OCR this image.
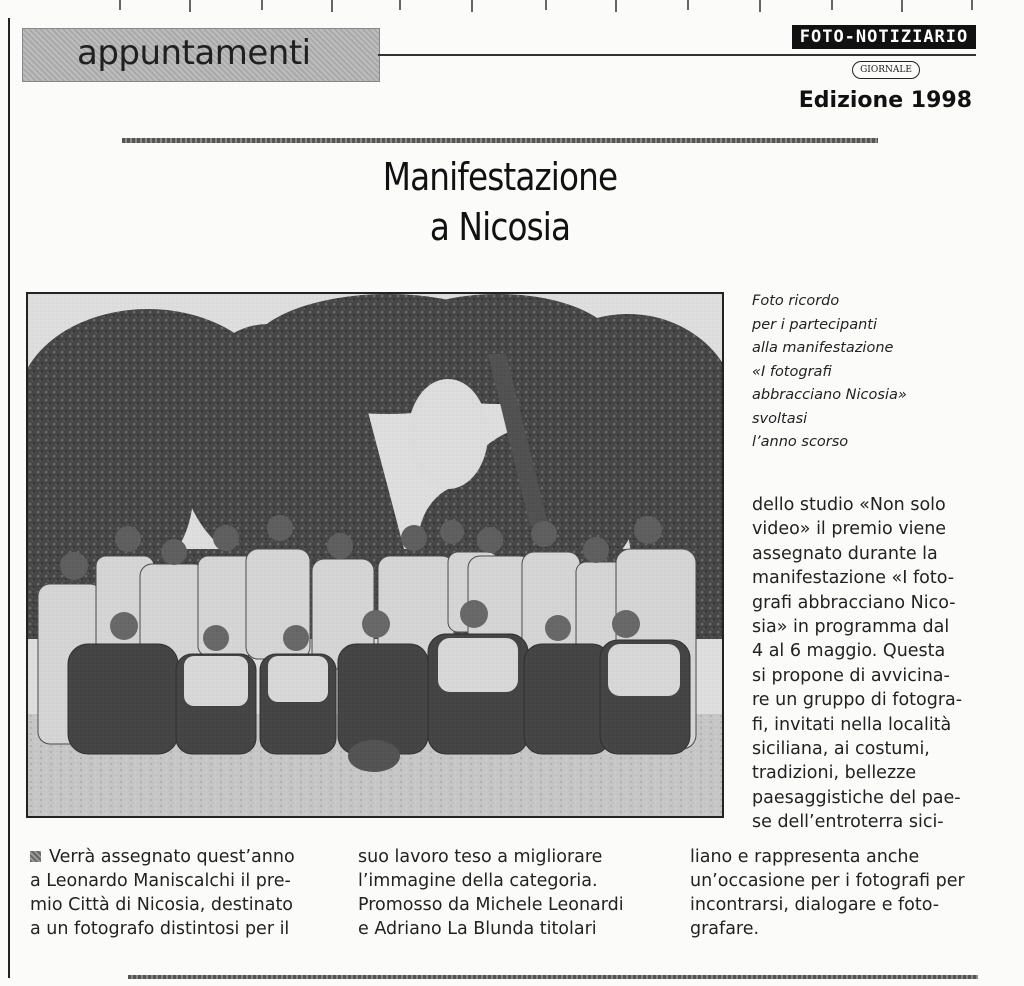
appuntamenti	FOTO-NOTIZIARIO
GIORNALE
Edizione 1998
Manifestazione
a Nicosia
Foto ricordo
per i partecipanti
alla manifestazione
«I fotografi
abbracciano Nicosia»
svoltasi
l’anno scorso
dello studio «Non solo
video» il premio viene
assegnato durante la
manifestazione «I foto-
grafi abbracciano Nico-
sia» in programma dal
4 al 6 maggio. Questa
si propone di avvicina-
re un gruppo di fotogra-
fi, invitati nella località
siciliana, ai costumi,
tradizioni, bellezze
paesaggistiche del pae-
se dell’entroterra sici-
Verrà assegnato quest’anno
a Leonardo Maniscalchi il pre-
mio Città di Nicosia, destinato
a un fotografo distintosi per il
suo lavoro teso a migliorare
l’immagine della categoria.
Promosso da Michele Leonardi
e Adriano La Blunda titolari
liano e rappresenta anche
un’occasione per i fotografi per
incontrarsi, dialogare e foto-
grafare.
